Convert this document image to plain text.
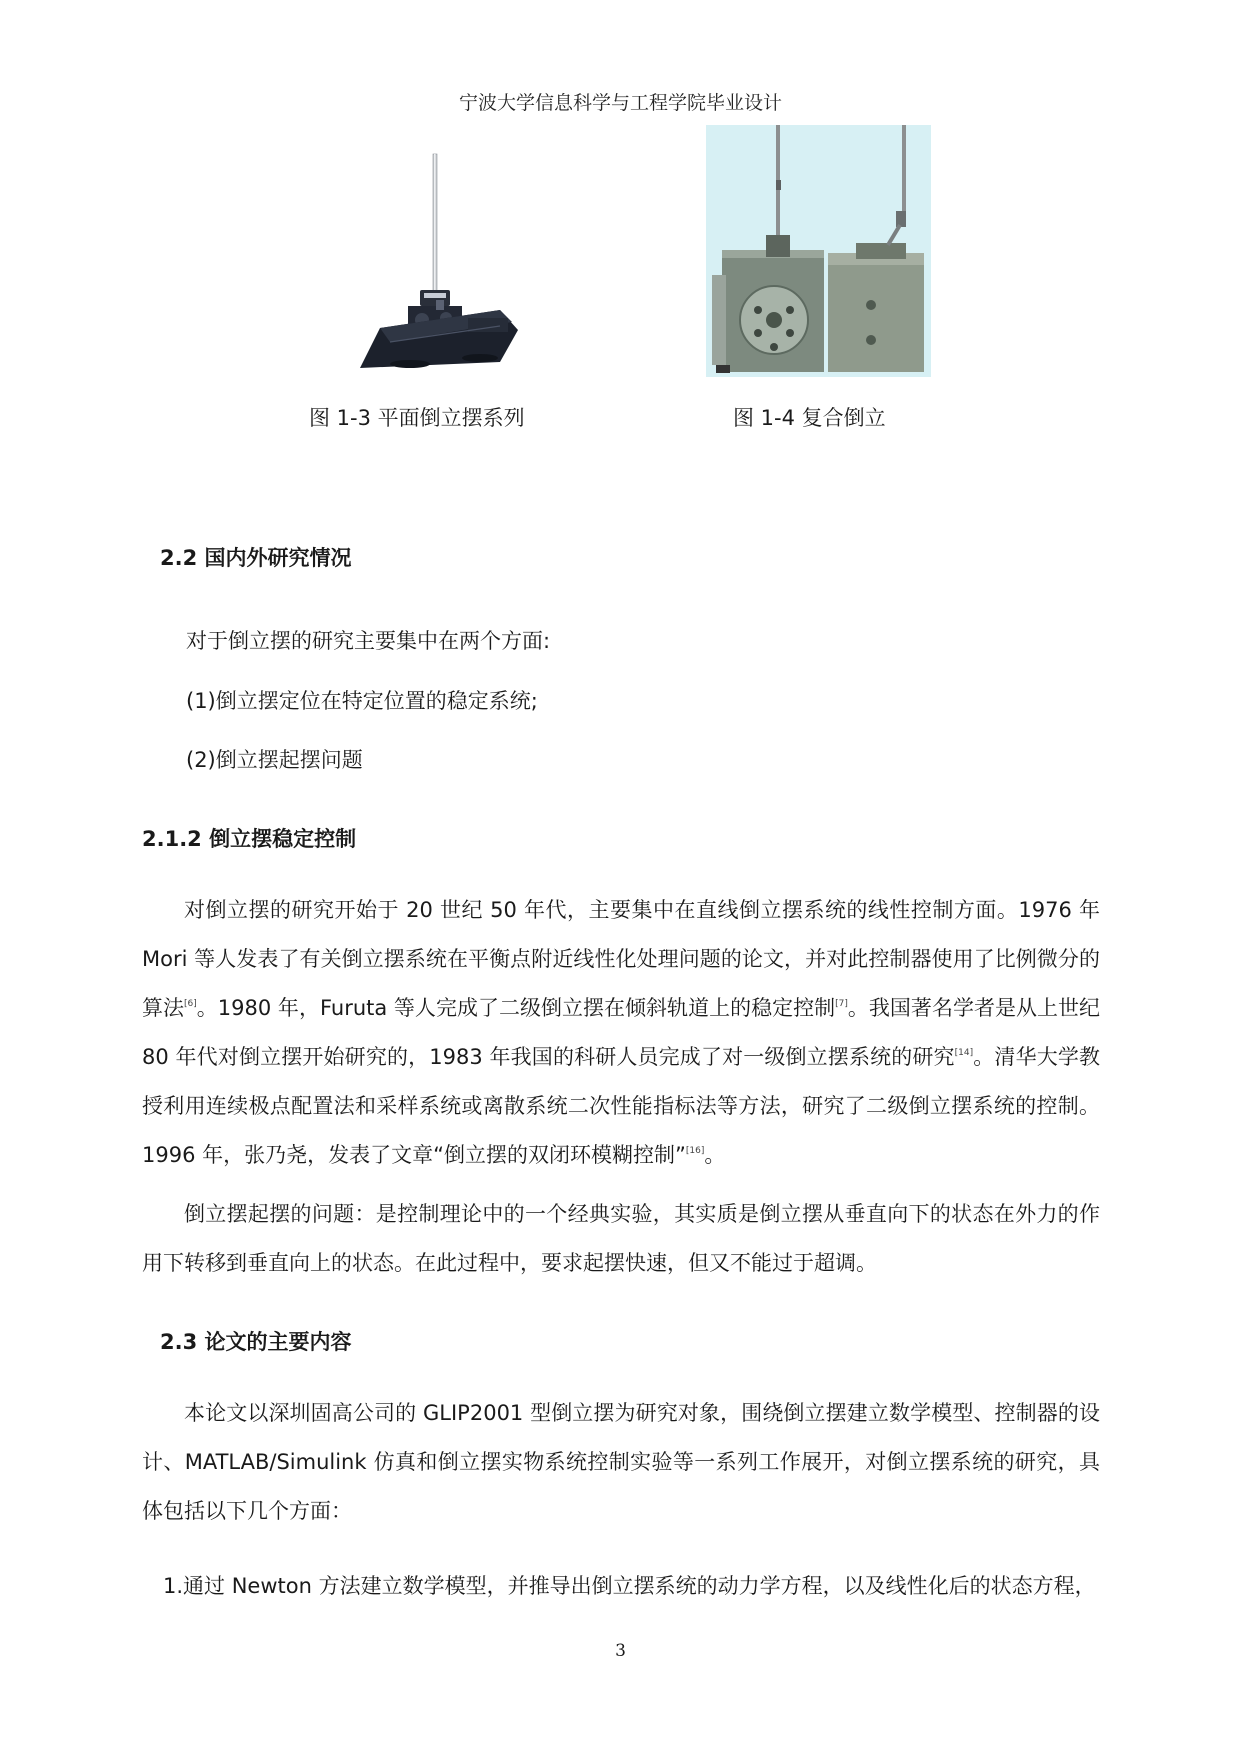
宁波大学信息科学与工程学院毕业设计
图 1-3 平面倒立摆系列	图 1-4 复合倒立
2.2 国内外研究情况
对于倒立摆的研究主要集中在两个方面:
(1)倒立摆定位在特定位置的稳定系统;
(2)倒立摆起摆问题
2.1.2 倒立摆稳定控制
对倒立摆的研究开始于 20 世纪 50 年代，主要集中在直线倒立摆系统的线性控制方面。1976 年 Mori 等人发表了有关倒立摆系统在平衡点附近线性化处理问题的论文，并对此控制器使用了比例微分的算法[6]。1980 年，Furuta 等人完成了二级倒立摆在倾斜轨道上的稳定控制[7]。我国著名学者是从上世纪 80 年代对倒立摆开始研究的，1983 年我国的科研人员完成了对一级倒立摆系统的研究[14]。清华大学教授利用连续极点配置法和采样系统或离散系统二次性能指标法等方法，研究了二级倒立摆系统的控制。1996 年，张乃尧，发表了文章“倒立摆的双闭环模糊控制”[16]。
倒立摆起摆的问题：是控制理论中的一个经典实验，其实质是倒立摆从垂直向下的状态在外力的作用下转移到垂直向上的状态。在此过程中，要求起摆快速，但又不能过于超调。
2.3 论文的主要内容
本论文以深圳固高公司的 GLIP2001 型倒立摆为研究对象，围绕倒立摆建立数学模型、控制器的设计、MATLAB/Simulink 仿真和倒立摆实物系统控制实验等一系列工作展开，对倒立摆系统的研究，具体包括以下几个方面：
1.通过 Newton 方法建立数学模型，并推导出倒立摆系统的动力学方程，以及线性化后的状态方程，
3
